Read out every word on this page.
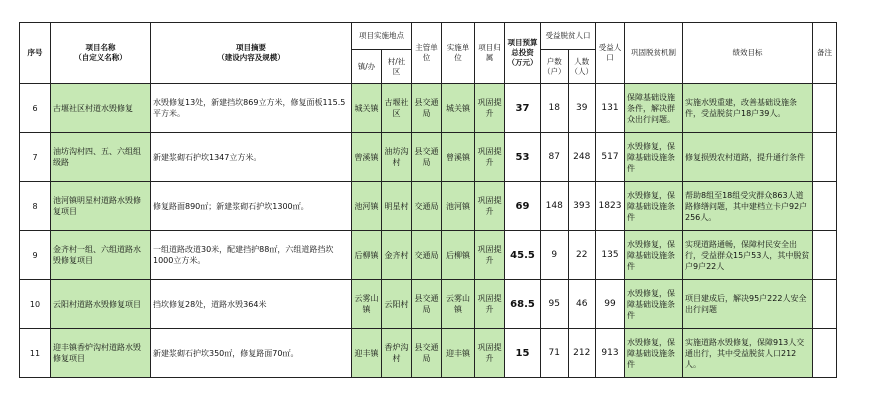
序号	项目名称
（自定义名称）	项目摘要
（建设内容及规模）	项目实施地点		主管单位	实施单位	项目归属	项目预算总投资（万元）	受益脱贫人口		受益人口	巩固脱贫机制	绩效目标	备注
			镇/办	村/社区					户数（户）	人数（人）				
6	古堰社区村道水毁修复	水毁修复13处，新建挡坎869立方米，修复面板115.5平方米。	城关镇	古堰社区	县交通局	城关镇	巩固提升	37	18	39	131	保障基础设施条件，解决群众出行问题。	实施水毁重建，改善基础设施条件，受益脱贫户18户39人。	
7	油坊沟村四、五、六组组级路	新建浆砌石护坎1347立方米。	曾溪镇	油坊沟村	县交通局	曾溪镇	巩固提升	53	87	248	517	水毁修复，保障基础设施条件	修复损毁农村道路，提升通行条件	
8	池河镇明星村道路水毁修复项目	修复路面890㎡；新建浆砌石护坎1300㎡。	池河镇	明星村	交通局	池河镇	巩固提升	69	148	393	1823	水毁修复，保障基础设施条件	帮助8组至18组受灾群众863人道路修缮问题，其中建档立卡户92户256人。	
9	金齐村一组、六组道路水毁修复项目	一组道路改道30米，配建挡护88㎡，六组道路挡坎1000立方米。	后柳镇	金齐村	交通局	后柳镇	巩固提升	45.5	9	22	135	水毁修复，保障基础设施条件	实现道路通畅，保障村民安全出行，受益群众15户53人，其中脱贫户9户22人	
10	云阳村道路水毁修复项目	挡坎修复28处，道路水毁364米	云雾山镇	云阳村	县交通局	云雾山镇	巩固提升	68.5	95	46	99	水毁修复，保障基础设施条件	项目建成后，解决95户222人安全出行问题	
11	迎丰镇香炉沟村道路水毁修复项目	新建浆砌石护坎350㎡，修复路面70㎡。	迎丰镇	香炉沟村	县交通局	迎丰镇	巩固提升	15	71	212	913	水毁修复，保障基础设施条件	实施道路水毁修复，保障913人交通出行，其中受益脱贫人口212人。	
